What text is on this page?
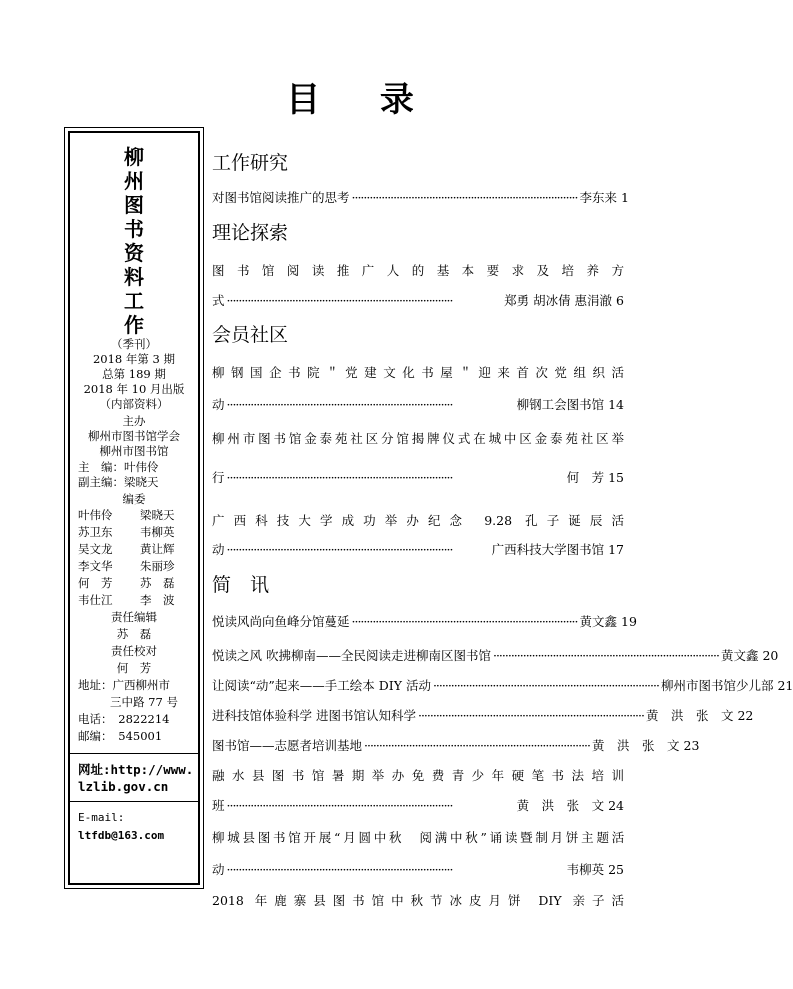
目 录
柳
州
图
书
资
料
工
作
（季刊）
2018 年第 3 期
总第 189 期
2018 年 10 月出版
（内部资料）
主办
柳州市图书馆学会
柳州市图书馆
主　编：叶伟伶
副主编：梁晓天
编委
叶伟伶 梁晓天
苏卫东 韦柳英
吴文龙 黄让辉
李文华 朱丽珍
何　芳 苏　磊
韦仕江 李　波
责任编辑
苏　磊
责任校对
何　芳
地址：广西柳州市
三中路 77 号
电话：　2822214
邮编：　545001
网址:http://www.
lzlib.gov.cn
E-mail:
ltfdb@163.com
工作研究
对图书馆阅读推广的思考 ············································································ 李东来 1
理论探索
图书馆阅读推广人的基本要求及培养方
式 ············································································	郑勇 胡冰倩 惠涓澈 6
会员社区
柳钢国企书院＂党建文化书屋＂迎来首次党组织活
动 ············································································	柳钢工会图书馆 14
柳州市图书馆金泰苑社区分馆揭牌仪式在城中区金泰苑社区举
行 ············································································	何　芳 15
广西科技大学成功举办纪念 9.28 孔子诞辰活
动 ············································································	广西科技大学图书馆 17
简　讯
悦读风尚向鱼峰分馆蔓延 ············································································ 黄文鑫 19
悦读之风 吹拂柳南——全民阅读走进柳南区图书馆 ············································································ 黄文鑫 20
让阅读“动”起来——手工绘本 DIY 活动 ············································································ 柳州市图书馆少儿部 21
进科技馆体验科学 进图书馆认知科学 ············································································ 黄　洪　张　文 22
图书馆——志愿者培训基地 ············································································ 黄　洪　张　文 23
融水县图书馆暑期举办免费青少年硬笔书法培训
班 ············································································	黄　洪　张　文 24
柳城县图书馆开展“月圆中秋　阅满中秋”诵读暨制月饼主题活
动 ············································································	韦柳英 25
2018 年鹿寨县图书馆中秋节冰皮月饼 DIY 亲子活
